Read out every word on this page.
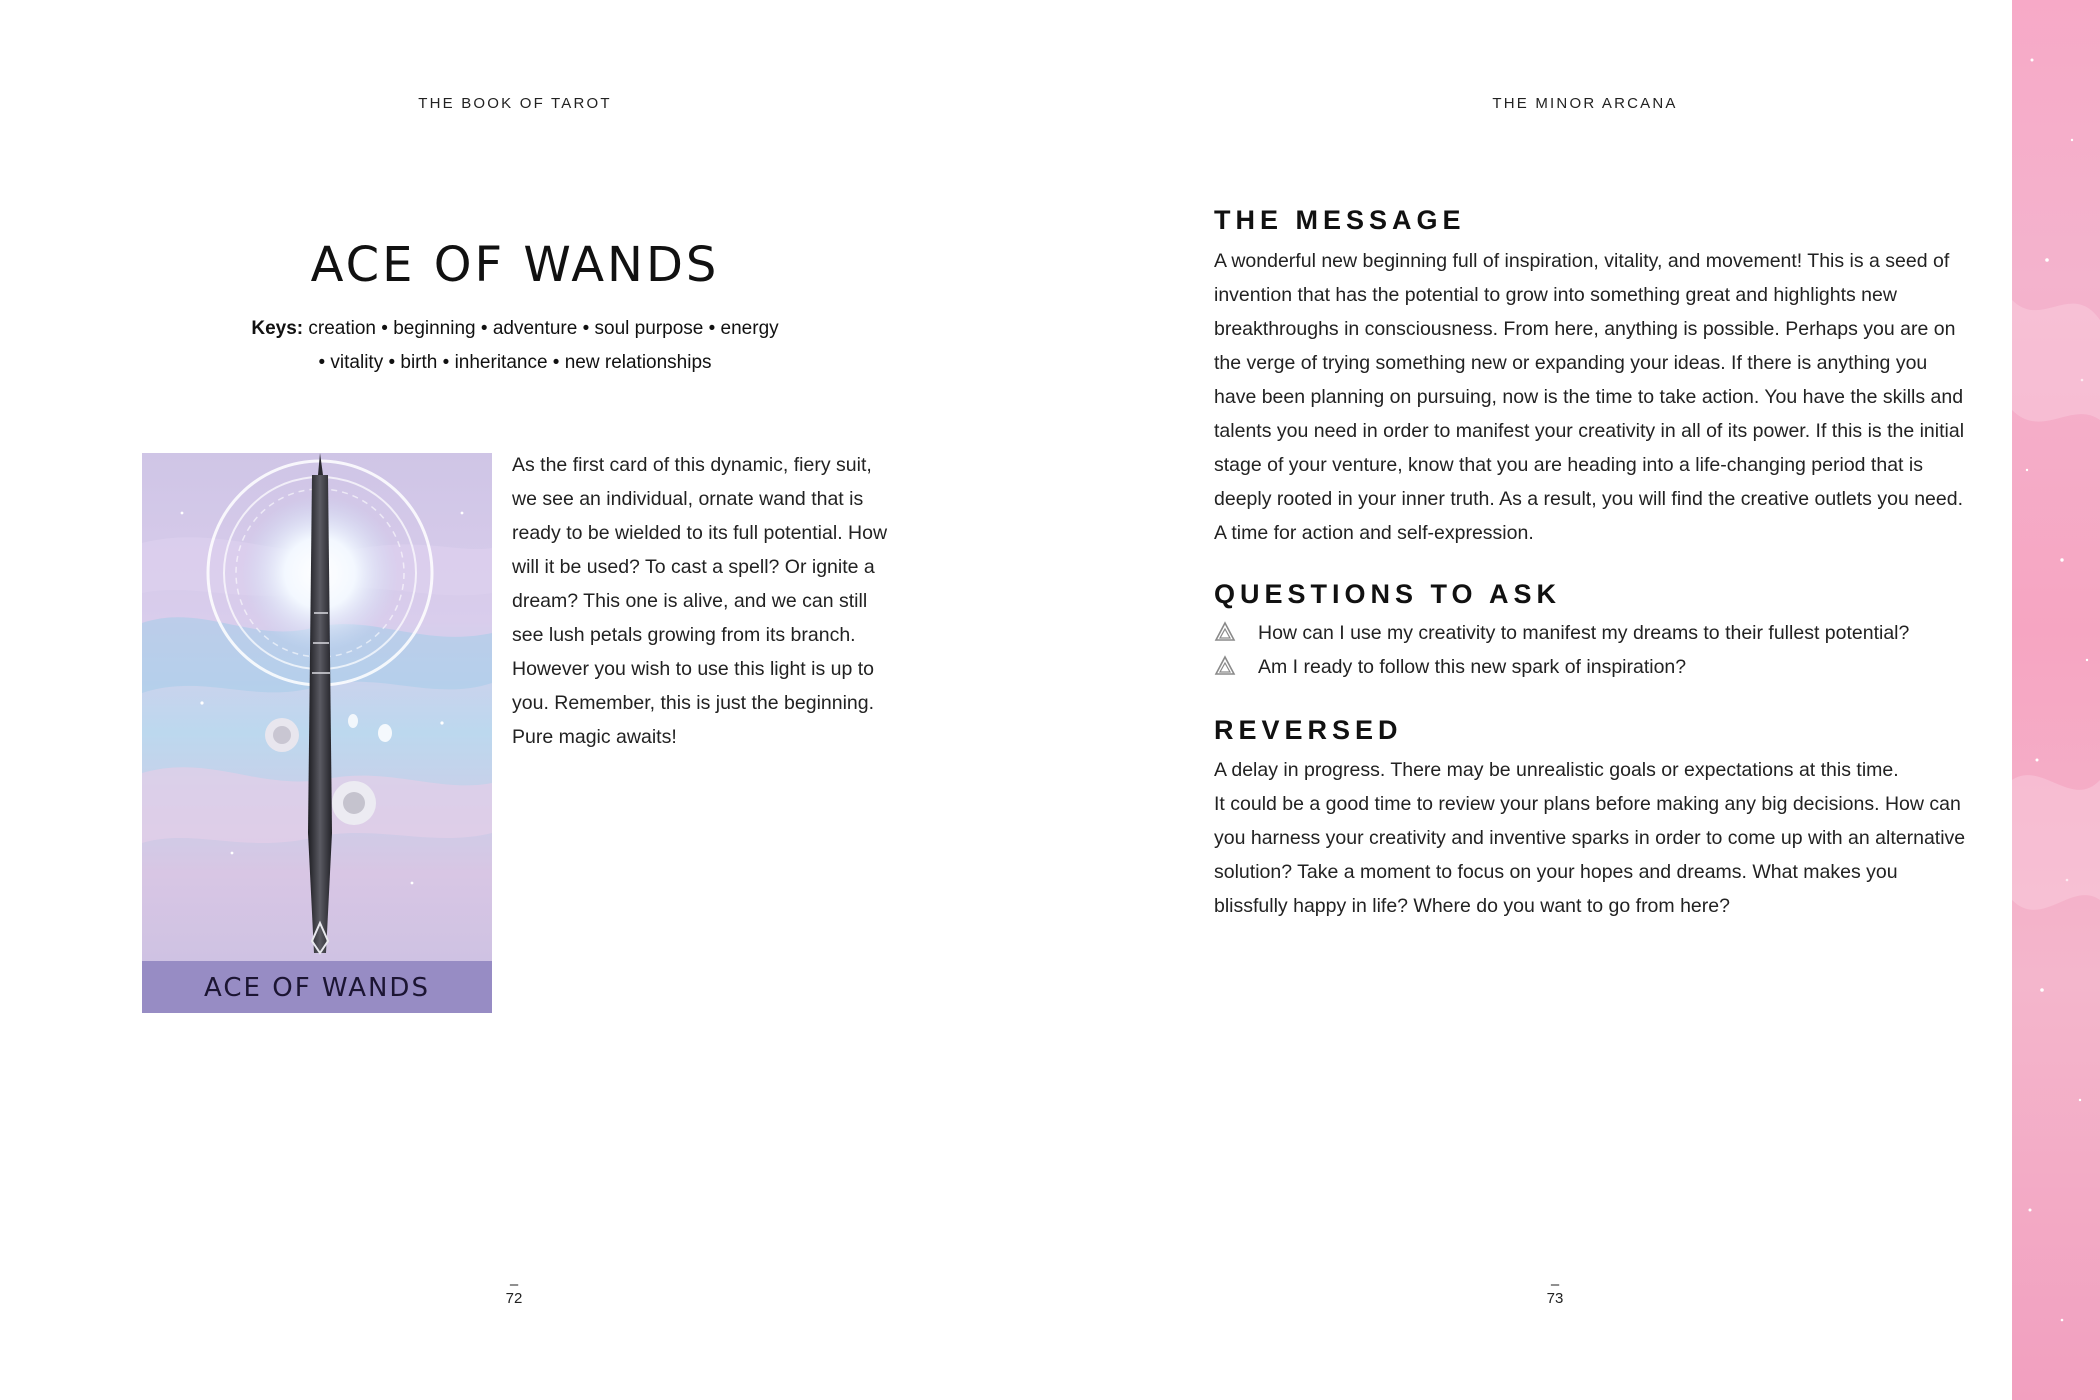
THE BOOK OF TAROT
ACE OF WANDS
Keys: creation • beginning • adventure • soul purpose • energy
• vitality • birth • inheritance • new relationships
ACE OF WANDS

As the first card of this dynamic, fiery suit, we see an individual, ornate wand that is ready to be wielded to its full potential. How will it be used? To cast a spell? Or ignite a dream? This one is alive, and we can still see lush petals growing from its branch. However you wish to use this light is up to you. Remember, this is just the beginning. Pure magic awaits!

–
72
THE MINOR ARCANA
THE MESSAGE

A wonderful new beginning full of inspiration, vitality, and movement! This is a seed of invention that has the potential to grow into something great and highlights new breakthroughs in consciousness. From here, anything is possible. Perhaps you are on the verge of trying something new or expanding your ideas. If there is anything you have been planning on pursuing, now is the time to take action. You have the skills and talents you need in order to manifest your creativity in all of its power. If this is the initial stage of your venture, know that you are heading into a life-changing period that is deeply rooted in your inner truth. As a result, you will find the creative outlets you need. A time for action and self-expression.

QUESTIONS TO ASK
How can I use my creativity to manifest my dreams to their fullest potential?
Am I ready to follow this new spark of inspiration?
REVERSED

A delay in progress. There may be unrealistic goals or expectations at this time.

It could be a good time to review your plans before making any big decisions. How can you harness your creativity and inventive sparks in order to come up with an alternative solution? Take a moment to focus on your hopes and dreams. What makes you blissfully happy in life? Where do you want to go from here?

–
73
